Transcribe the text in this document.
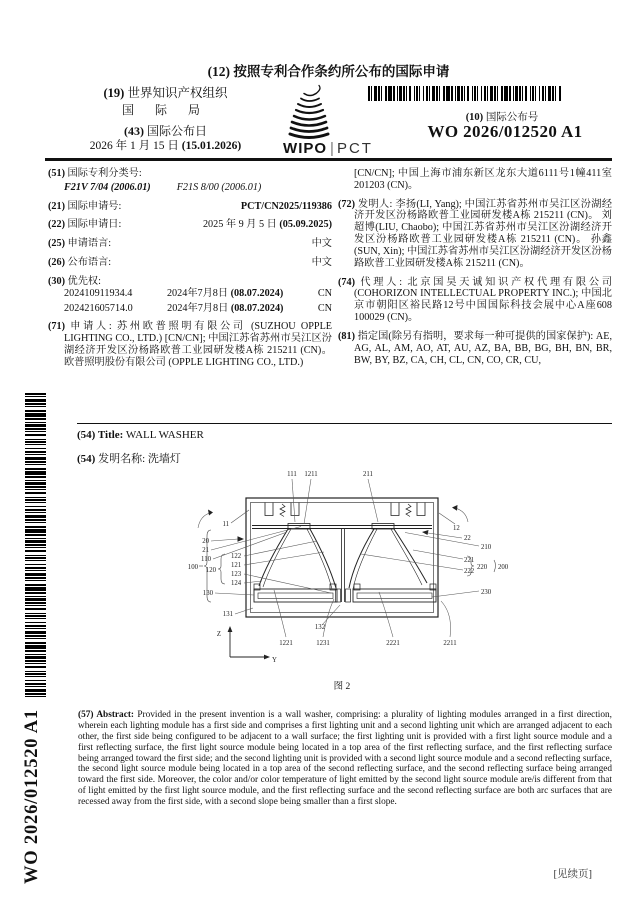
(12) 按照专利合作条约所公布的国际申请
(19) 世界知识产权组织
国 际 局
(43) 国际公布日
2026 年 1 月 15 日 (15.01.2026)	WIPO | PCT
(10) 国际公布号
WO 2026/012520 A1
(51) 国际专利分类号:
F21V 7/04 (2006.01)	F21S 8/00 (2006.01)
(21) 国际申请号:	PCT/CN2025/119386
(22) 国际申请日:	2025 年 9 月 5 日 (05.09.2025)
(25) 申请语言:	中文
(26) 公布语言:	中文
(30) 优先权:
202410911934.4	2024年7月8日 (08.07.2024)	CN
202421605714.0	2024年7月8日 (08.07.2024)	CN
(71) 申请人: 苏州欧普照明有限公司 (SUZHOU OPPLE LIGHTING CO., LTD.) [CN/CN]; 中国江苏省苏州市吴江区汾湖经济开发区汾杨路欧普工业园研发楼A栋 215211 (CN)。 欧普照明股份有限公司 (OPPLE LIGHTING CO., LTD.)
[CN/CN]; 中国上海市浦东新区龙东大道6111号1幢411室 201203 (CN)。
(72) 发明人: 李扬(LI, Yang); 中国江苏省苏州市吴江区汾湖经济开发区汾杨路欧普工业园研发楼A栋 215211 (CN)。 刘超博(LIU, Chaobo); 中国江苏省苏州市吴江区汾湖经济开发区汾杨路欧普工业园研发楼A栋 215211 (CN)。 孙鑫(SUN, Xin); 中国江苏省苏州市吴江区汾湖经济开发区汾杨路欧普工业园研发楼A栋 215211 (CN)。
(74) 代理人: 北京国昊天诚知识产权代理有限公司 (COHORIZON INTELLECTUAL PROPERTY INC.); 中国北京市朝阳区裕民路12号中国国际科技会展中心A座608 100029 (CN)。
(81) 指定国(除另有指明，要求每一种可提供的国家保护): AE, AG, AL, AM, AO, AT, AU, AZ, BA, BB, BG, BH, BN, BR, BW, BY, BZ, CA, CH, CL, CN, CO, CR, CU,
(54) Title: WALL WASHER
(54) 发明名称: 洗墙灯
111 1211	211
11
20
21
110
100 120
122
121
123
124
130
131
12
22
210
221
222
220 200
230
1221	1231
132
2221	2211
Z
Y
图 2
(57) Abstract: Provided in the present invention is a wall washer, comprising: a plurality of lighting modules arranged in a first direction, wherein each lighting module has a first side and comprises a first lighting unit and a second lighting unit which are arranged adjacent to each other, the first side being configured to be adjacent to a wall surface; the first lighting unit is provided with a first light source module and a first reflecting surface, the first light source module being located in a top area of the first reflecting surface, and the first reflecting surface being arranged toward the first side; and the second lighting unit is provided with a second light source module and a second reflecting surface, the second light source module being located in a top area of the second reflecting surface, and the second reflecting surface being arranged toward the first side. Moreover, the color and/or color temperature of light emitted by the second light source module are/is different from that of light emitted by the first light source module, and the first reflecting surface and the second reflecting surface are both arc surfaces that are recessed away from the first side, with a second slope being smaller than a first slope.
[见续页]
WO 2026/012520 A1
